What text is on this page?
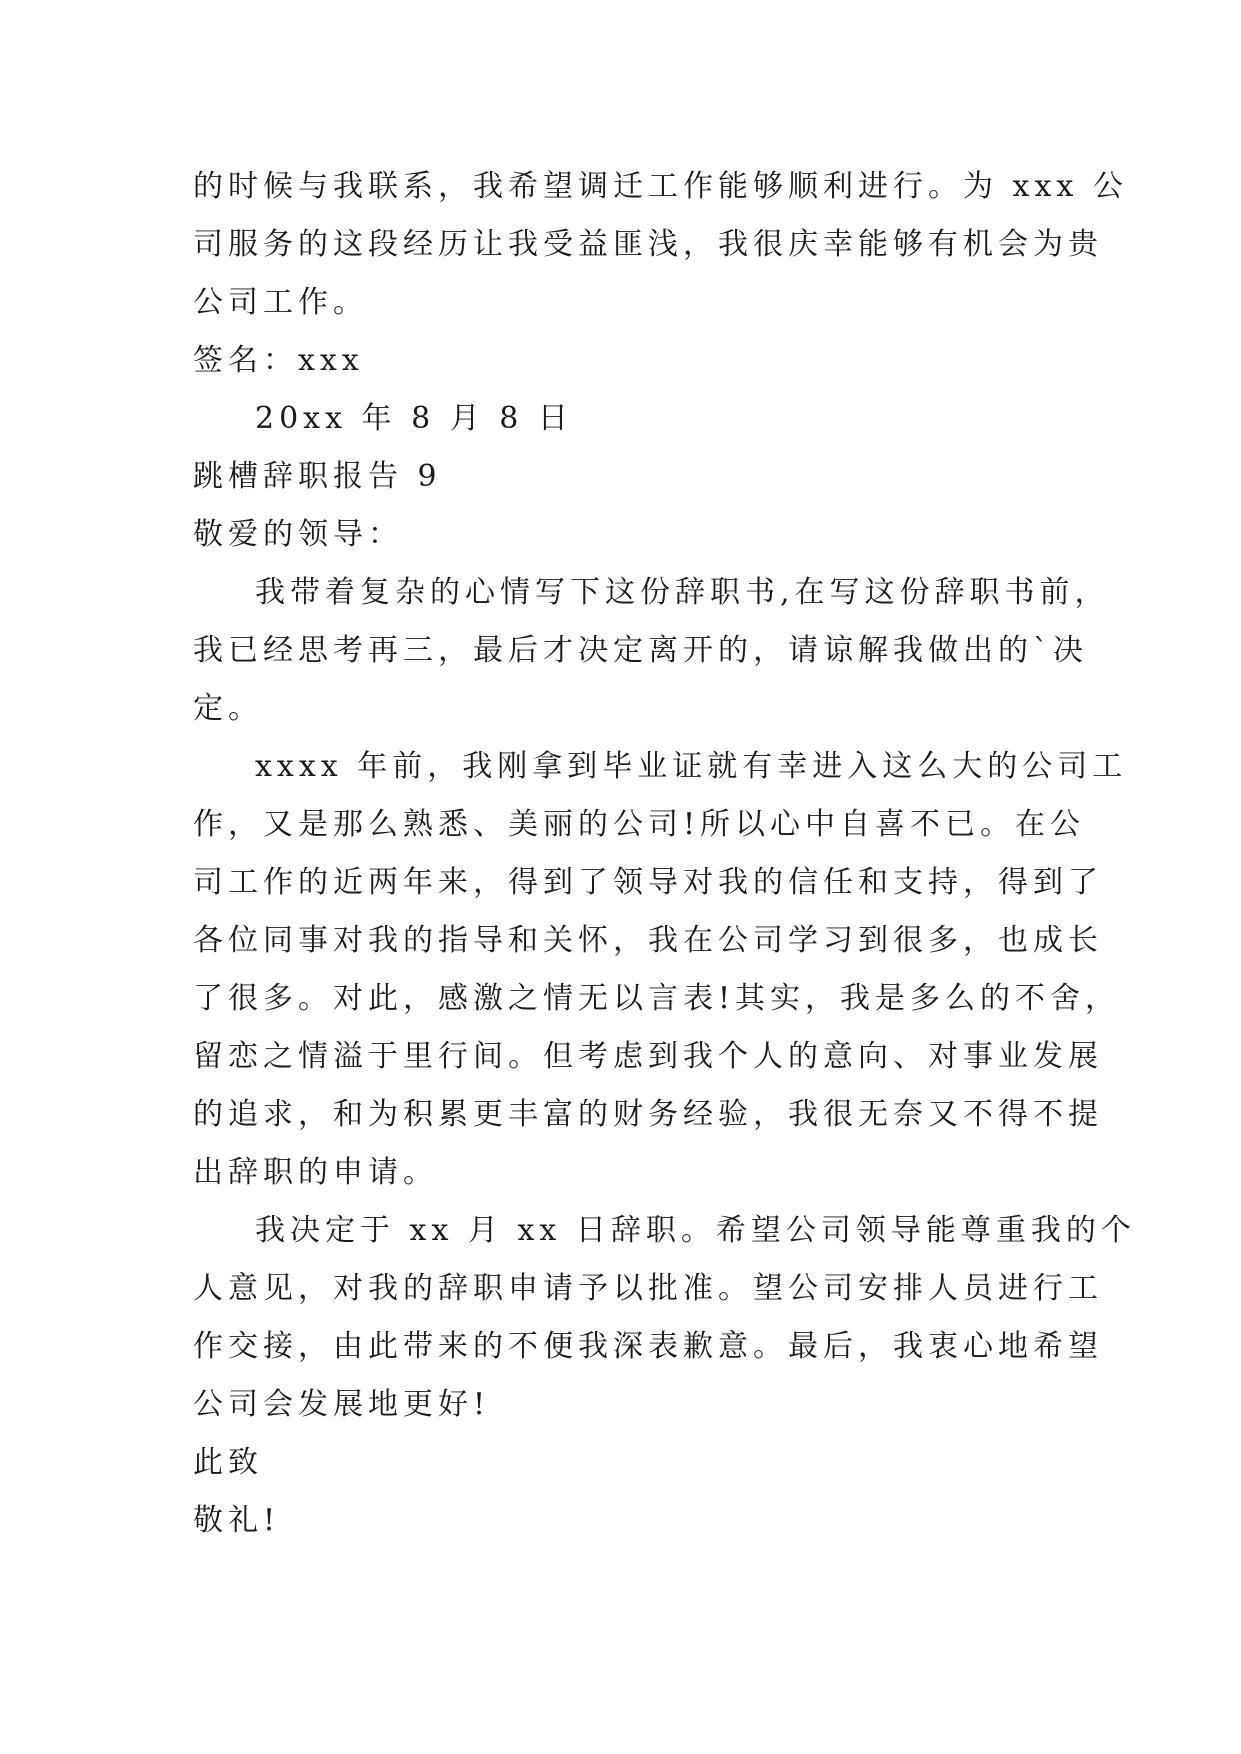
的时候与我联系，我希望调迁工作能够顺利进行。为 xxx 公
司服务的这段经历让我受益匪浅，我很庆幸能够有机会为贵
公司工作。
签名：xxx
20xx 年 8 月 8 日
跳槽辞职报告 9
敬爱的领导：
我带着复杂的心情写下这份辞职书,在写这份辞职书前，
我已经思考再三，最后才决定离开的，请谅解我做出的`决
定。
xxxx 年前，我刚拿到毕业证就有幸进入这么大的公司工
作，又是那么熟悉、美丽的公司!所以心中自喜不已。在公
司工作的近两年来，得到了领导对我的信任和支持，得到了
各位同事对我的指导和关怀，我在公司学习到很多，也成长
了很多。对此，感激之情无以言表!其实，我是多么的不舍，
留恋之情溢于里行间。但考虑到我个人的意向、对事业发展
的追求，和为积累更丰富的财务经验，我很无奈又不得不提
出辞职的申请。
我决定于 xx 月 xx 日辞职。希望公司领导能尊重我的个
人意见，对我的辞职申请予以批准。望公司安排人员进行工
作交接，由此带来的不便我深表歉意。最后，我衷心地希望
公司会发展地更好!
此致
敬礼!
